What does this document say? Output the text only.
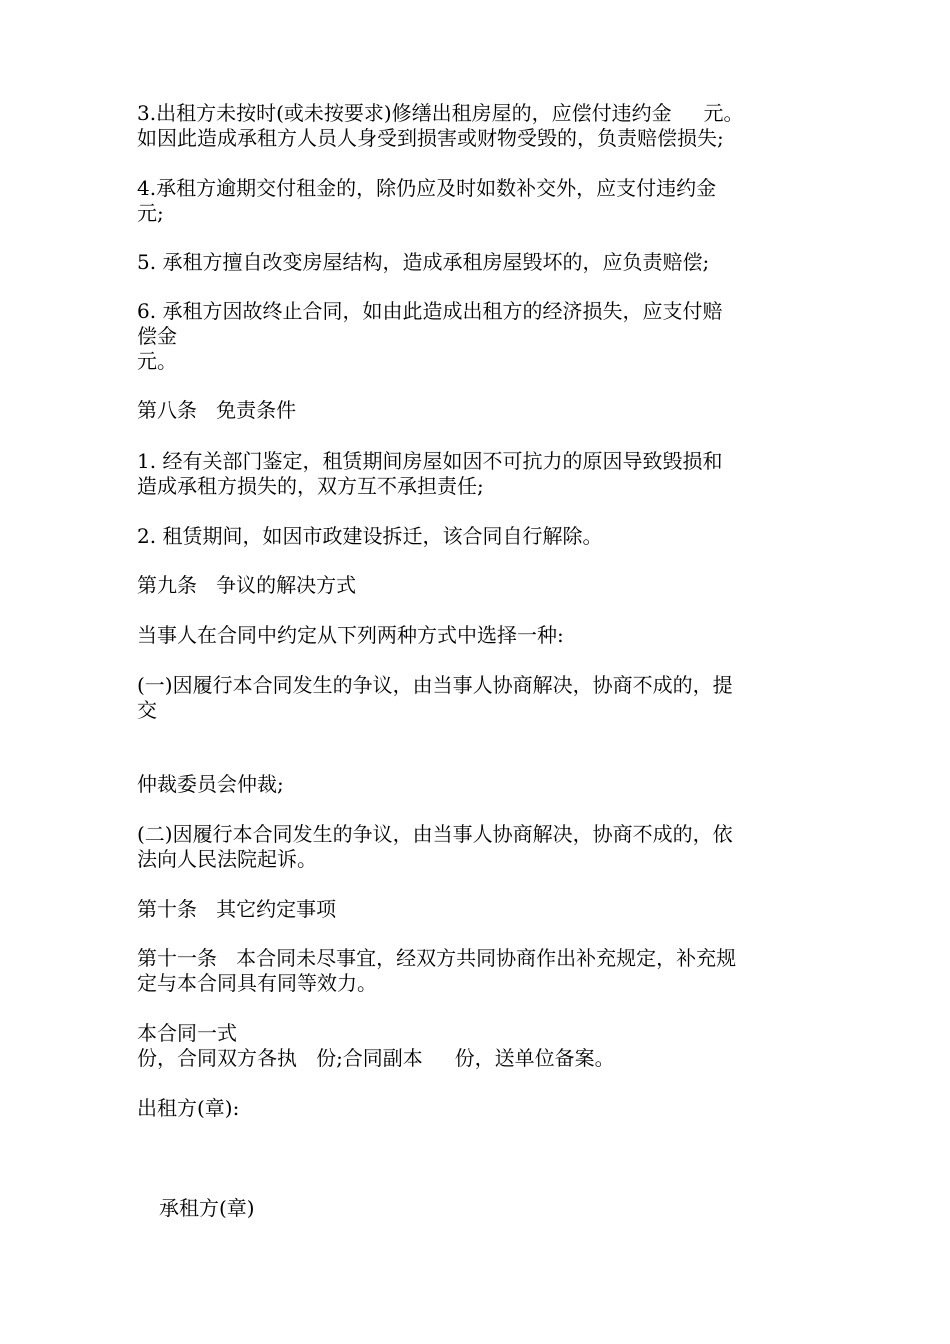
3.出租方未按时(或未按要求)修缮出租房屋的，应偿付违约金     元。
如因此造成承租方人员人身受到损害或财物受毁的，负责赔偿损失;
4.承租方逾期交付租金的，除仍应及时如数补交外，应支付违约金
元;
5. 承租方擅自改变房屋结构，造成承租房屋毁坏的，应负责赔偿;
6. 承租方因故终止合同，如由此造成出租方的经济损失，应支付赔
偿金
元。
第八条   免责条件
1. 经有关部门鉴定，租赁期间房屋如因不可抗力的原因导致毁损和
造成承租方损失的，双方互不承担责任;
2. 租赁期间，如因市政建设拆迁，该合同自行解除。
第九条   争议的解决方式
当事人在合同中约定从下列两种方式中选择一种:
(一)因履行本合同发生的争议，由当事人协商解决，协商不成的，提
交
仲裁委员会仲裁;
(二)因履行本合同发生的争议，由当事人协商解决，协商不成的，依
法向人民法院起诉。
第十条   其它约定事项
第十一条   本合同未尽事宜，经双方共同协商作出补充规定，补充规
定与本合同具有同等效力。
本合同一式
份，合同双方各执   份;合同副本     份，送单位备案。
出租方(章):
承租方(章)
